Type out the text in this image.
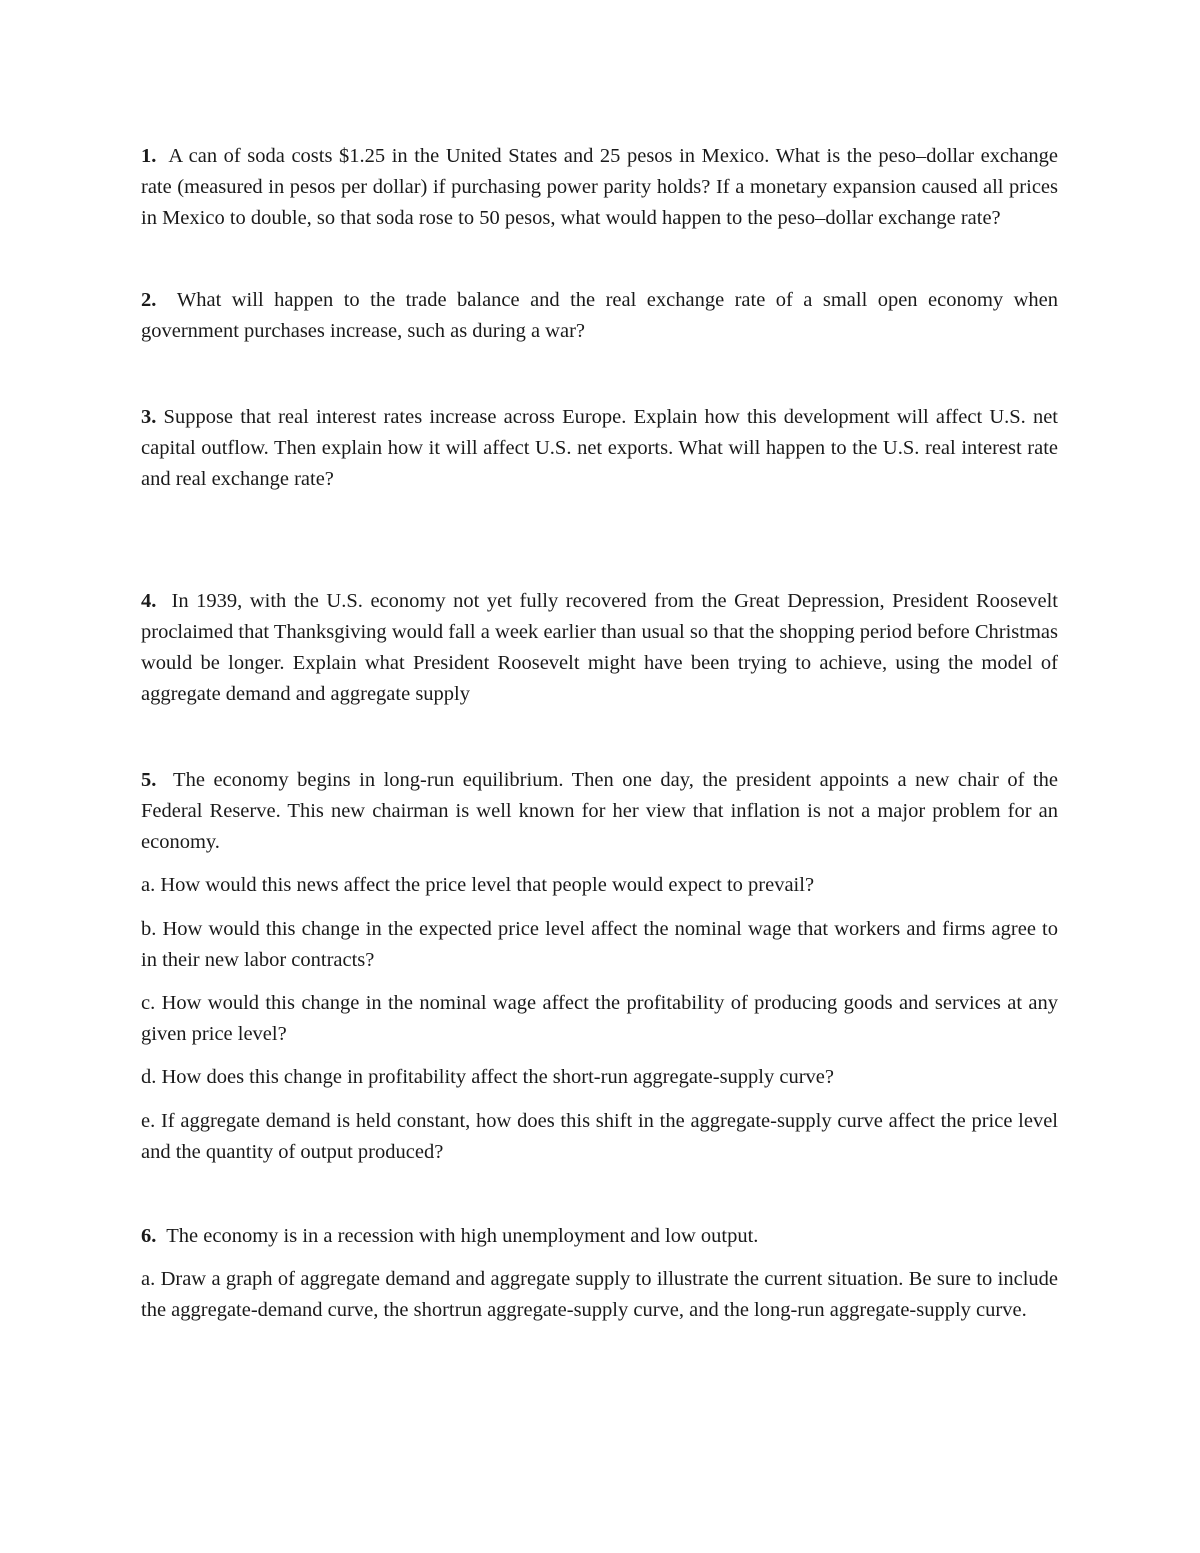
1. A can of soda costs $1.25 in the United States and 25 pesos in Mexico. What is the peso–dollar exchange rate (measured in pesos per dollar) if purchasing power parity holds? If a monetary expansion caused all prices in Mexico to double, so that soda rose to 50 pesos, what would happen to the peso–dollar exchange rate?

2. What will happen to the trade balance and the real exchange rate of a small open economy when government purchases increase, such as during a war?

3. Suppose that real interest rates increase across Europe. Explain how this development will affect U.S. net capital outflow. Then explain how it will affect U.S. net exports. What will happen to the U.S. real interest rate and real exchange rate?

4. In 1939, with the U.S. economy not yet fully recovered from the Great Depression, President Roosevelt proclaimed that Thanksgiving would fall a week earlier than usual so that the shopping period before Christmas would be longer. Explain what President Roosevelt might have been trying to achieve, using the model of aggregate demand and aggregate supply

5. The economy begins in long-run equilibrium. Then one day, the president appoints a new chair of the Federal Reserve. This new chairman is well known for her view that inflation is not a major problem for an economy.

a. How would this news affect the price level that people would expect to prevail?

b. How would this change in the expected price level affect the nominal wage that workers and firms agree to in their new labor contracts?

c. How would this change in the nominal wage affect the profitability of producing goods and services at any given price level?

d. How does this change in profitability affect the short-run aggregate-supply curve?

e. If aggregate demand is held constant, how does this shift in the aggregate-supply curve affect the price level and the quantity of output produced?

6. The economy is in a recession with high unemployment and low output.

a. Draw a graph of aggregate demand and aggregate supply to illustrate the current situation. Be sure to include the aggregate-demand curve, the shortrun aggregate-supply curve, and the long-run aggregate-supply curve.
